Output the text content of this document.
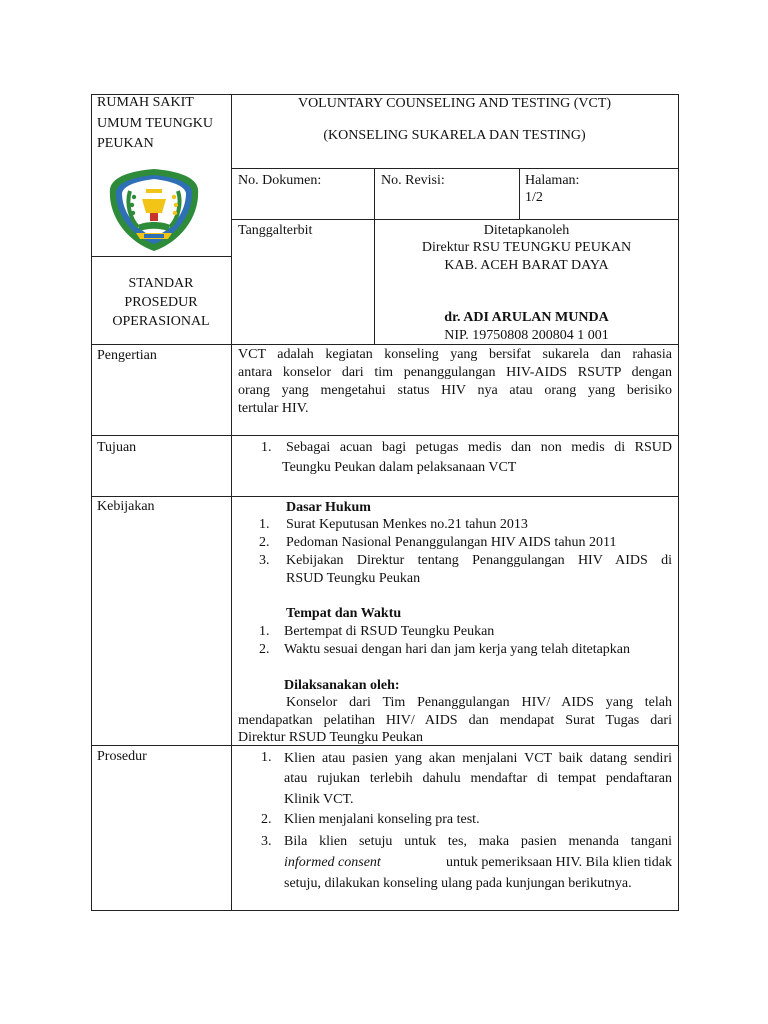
RUMAH SAKIT
UMUM TEUNGKU
PEUKAN
VOLUNTARY COUNSELING AND TESTING (VCT)
(KONSELING SUKARELA DAN TESTING)
STANDAR
PROSEDUR
OPERASIONAL
No. Dokumen:	No. Revisi:	Halaman:
1/2
Tanggalterbit	Ditetapkanoleh
Direktur RSU TEUNGKU PEUKAN
KAB. ACEH BARAT DAYA
dr. ADI ARULAN MUNDA
NIP. 19750808 200804 1 001
Pengertian	VCT adalah kegiatan konseling yang bersifat sukarela dan rahasia
antara konselor dari tim penanggulangan HIV-AIDS RSUTP dengan
orang yang mengetahui status HIV nya atau orang yang berisiko
tertular HIV.
Tujuan	1. Sebagai acuan bagi petugas medis dan non medis di RSUD
Teungku Peukan dalam pelaksanaan VCT
Kebijakan	Dasar Hukum
1. Surat Keputusan Menkes no.21 tahun 2013
2. Pedoman Nasional Penanggulangan HIV AIDS tahun 2011
3. Kebijakan Direktur tentang Penanggulangan HIV AIDS di
RSUD Teungku Peukan
Tempat dan Waktu
1. Bertempat di RSUD Teungku Peukan
2. Waktu sesuai dengan hari dan jam kerja yang telah ditetapkan
Dilaksanakan oleh:
Konselor dari Tim Penanggulangan HIV/ AIDS yang telah
mendapatkan pelatihan HIV/ AIDS dan mendapat Surat Tugas dari
Direktur RSUD Teungku Peukan
Prosedur	1. Klien atau pasien yang akan menjalani VCT baik datang sendiri
atau rujukan terlebih dahulu mendaftar di tempat pendaftaran
Klinik VCT.
2. Klien menjalani konseling pra test.
3. Bila klien setuju untuk tes, maka pasien menanda tangani
informed consent	untuk pemeriksaan HIV. Bila klien tidak
setuju, dilakukan konseling ulang pada kunjungan berikutnya.
